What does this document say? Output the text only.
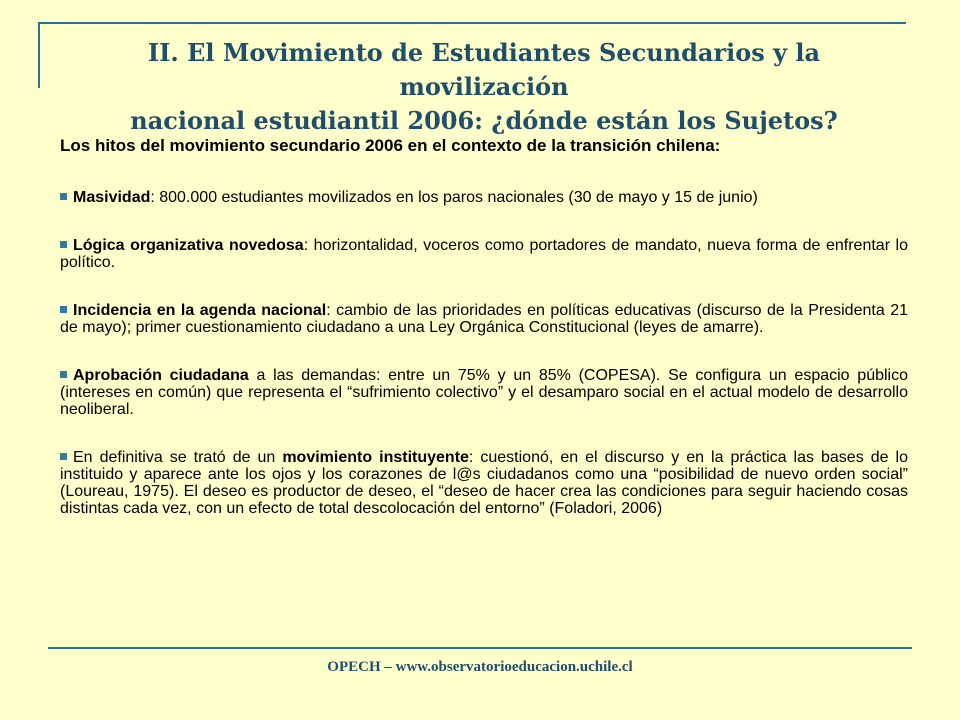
II. El Movimiento de Estudiantes Secundarios y la movilización
nacional estudiantil 2006: ¿dónde están los Sujetos?
Los hitos del movimiento secundario 2006 en el contexto de la transición chilena:
Masividad: 800.000 estudiantes movilizados en los paros nacionales (30 de mayo y 15 de junio)
Lógica organizativa novedosa: horizontalidad, voceros como portadores de mandato, nueva forma de enfrentar lo político.
Incidencia en la agenda nacional: cambio de las prioridades en políticas educativas (discurso de la Presidenta 21 de mayo); primer cuestionamiento ciudadano a una Ley Orgánica Constitucional (leyes de amarre).
Aprobación ciudadana a las demandas: entre un 75% y un 85% (COPESA). Se configura un espacio público (intereses en común) que representa el “sufrimiento colectivo” y el desamparo social en el actual modelo de desarrollo neoliberal.
En definitiva se trató de un movimiento instituyente: cuestionó, en el discurso y en la práctica las bases de lo instituido y aparece ante los ojos y los corazones de l@s ciudadanos como una “posibilidad de nuevo orden social” (Loureau, 1975). El deseo es productor de deseo, el “deseo de hacer crea las condiciones para seguir haciendo cosas distintas cada vez, con un efecto de total descolocación del entorno” (Foladori, 2006)
OPECH – www.observatorioeducacion.uchile.cl
